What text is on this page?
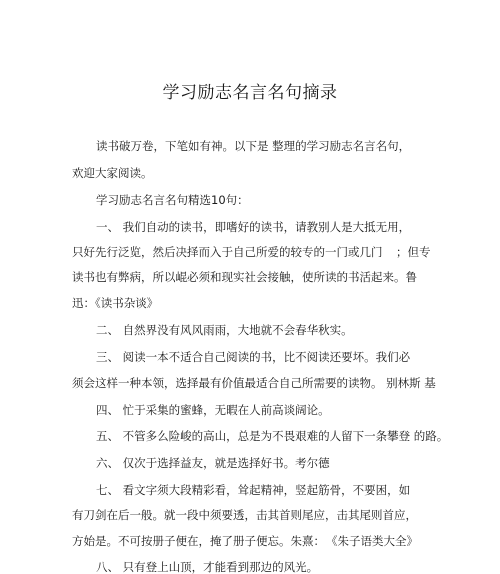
学习励志名言名句摘录
读书破万卷，下笔如有神。以下是 整理的学习励志名言名句，
欢迎大家阅读。
学习励志名言名句精选10句：
一、 我们自动的读书，即嗜好的读书，请教别人是大抵无用，
只好先行泛览，然后决择而入于自己所爱的较专的一门或几门 ；但专
读书也有弊病，所以崐必须和现实社会接触，使所读的书活起来。鲁
迅：《读书杂谈》
二、 自然界没有风风雨雨，大地就不会春华秋实。
三、 阅读一本不适合自己阅读的书，比不阅读还要坏。我们必
须会这样一种本领，选择最有价值最适合自己所需要的读物。 别林斯 基
四、 忙于采集的蜜蜂，无暇在人前高谈阔论。
五、 不管多么险峻的高山，总是为不畏艰难的人留下一条攀登 的路。
六、 仅次于选择益友，就是选择好书。考尔德
七、 看文字须大段精彩看，耸起精神，竖起筋骨，不要困，如
有刀剑在后一般。就一段中须要透，击其首则尾应，击其尾则首应，
方始是。不可按册子便在，掩了册子便忘。朱熹： 《朱子语类大全》
八、 只有登上山顶，才能看到那边的风光。
